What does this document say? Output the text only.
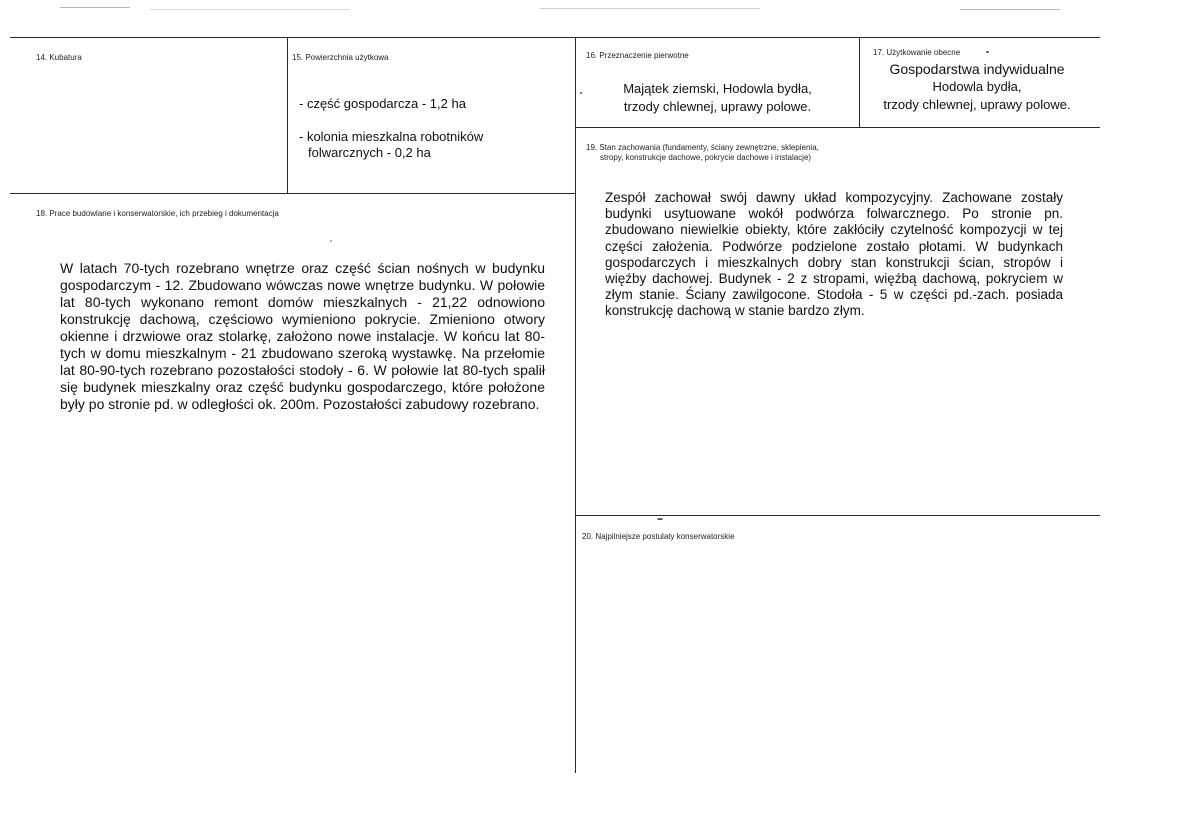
14. Kubatura	15. Powierzchnia użytkowa
- część gospodarcza - 1,2 ha
- kolonia mieszkalna robotników folwarcznych - 0,2 ha
16. Przeznaczenie pierwotne
Majątek ziemski, Hodowla bydła,
trzody chlewnej, uprawy polowe.
17. Użytkowanie obecne
Gospodarstwa indywidualne
Hodowla bydła,
trzody chlewnej, uprawy polowe.
18. Prace budowlane i konserwatorskie, ich przebieg i dokumentacja
W latach 70-tych rozebrano wnętrze oraz część ścian nośnych w budynku gospodarczym - 12. Zbudowano wówczas nowe wnętrze budynku. W połowie lat 80-tych wykonano remont domów mieszkalnych - 21,22 odnowiono konstrukcję dachową, częściowo wymieniono pokrycie. Zmieniono otwory okienne i drzwiowe oraz stolarkę, założono nowe instalacje. W końcu lat 80-tych w domu mieszkalnym - 21 zbudowano szeroką wystawkę. Na przełomie lat 80-90-tych rozebrano pozostałości stodoły - 6. W połowie lat 80-tych spalił się budynek mieszkalny oraz część budynku gospodarczego, które położone były po stronie pd. w odległości ok. 200m. Pozostałości zabudowy rozebrano.
19. Stan zachowania (fundamenty, ściany zewnętrzne, sklepienia,
stropy, konstrukcje dachowe, pokrycie dachowe i instalacje)
Zespół zachował swój dawny układ kompozycyjny. Zachowane zostały budynki usytuowane wokół podwórza folwarcznego. Po stronie pn. zbudowano niewielkie obiekty, które zakłóciły czytelność kompozycji w tej części założenia. Podwórze podzielone zostało płotami. W budynkach gospodarczych i mieszkalnych dobry stan konstrukcji ścian, stropów i więźby dachowej. Budynek - 2 z stropami, więźbą dachową, pokryciem w złym stanie. Ściany zawilgocone. Stodoła - 5 w części pd.-zach. posiada konstrukcję dachową w stanie bardzo złym.
20. Najpilniejsze postulaty konserwatorskie
